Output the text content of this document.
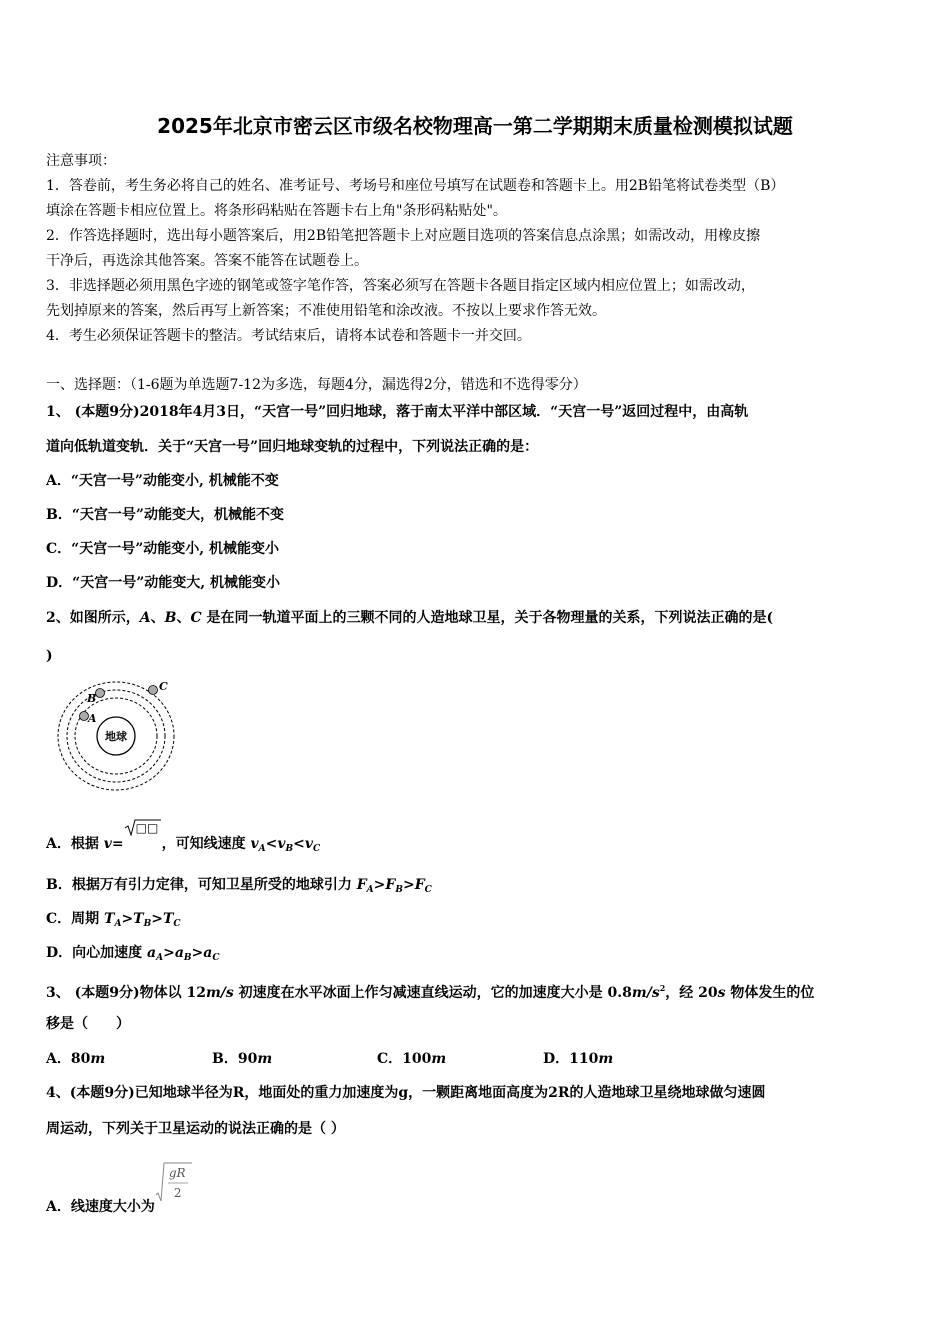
2025年北京市密云区市级名校物理高一第二学期期末质量检测模拟试题
注意事项：
1．答卷前，考生务必将自己的姓名、准考证号、考场号和座位号填写在试题卷和答题卡上。用2B铅笔将试卷类型（B）
填涂在答题卡相应位置上。将条形码粘贴在答题卡右上角"条形码粘贴处"。
2．作答选择题时，选出每小题答案后，用2B铅笔把答题卡上对应题目选项的答案信息点涂黑；如需改动，用橡皮擦
干净后，再选涂其他答案。答案不能答在试题卷上。
3．非选择题必须用黑色字迹的钢笔或签字笔作答，答案必须写在答题卡各题目指定区域内相应位置上；如需改动，
先划掉原来的答案，然后再写上新答案；不准使用铅笔和涂改液。不按以上要求作答无效。
4．考生必须保证答题卡的整洁。考试结束后，请将本试卷和答题卡一并交回。
一、选择题：（1-6题为单选题7-12为多选，每题4分，漏选得2分，错选和不选得零分）
1、 (本题9分)2018年4月3日，“天宫一号”回归地球，落于南太平洋中部区域．“天宫一号”返回过程中，由高轨
道向低轨道变轨．关于“天宫一号”回归地球变轨的过程中，下列说法正确的是：
A．“天宫一号”动能变小, 机械能不变
B．“天宫一号”动能变大，机械能不变
C．“天宫一号”动能变小, 机械能变小
D．“天宫一号”动能变大, 机械能变小
2、如图所示，A、B、C 是在同一轨道平面上的三颗不同的人造地球卫星，关于各物理量的关系，下列说法正确的是(
)
地球
A
B
C
A．根据 v=
□□
，可知线速度 $v_A<v_B<v_C$
B．根据万有引力定律，可知卫星所受的地球引力 $F_A>F_B>F_C$
C．周期 $T_A>T_B>T_C$
D．向心加速度 $a_A>a_B>a_C$
3、 (本题9分)物体以 12m/s 初速度在水平冰面上作匀减速直线运动，它的加速度大小是 $0.8m/s^2$，经 20s 物体发生的位
移是（　　）
A．80m	B．90m	C．100m	D．110m
4、(本题9分)已知地球半径为R，地面处的重力加速度为g，一颗距离地面高度为2R的人造地球卫星绕地球做匀速圆
周运动，下列关于卫星运动的说法正确的是（ ）
A．线速度大小为
gR
2
